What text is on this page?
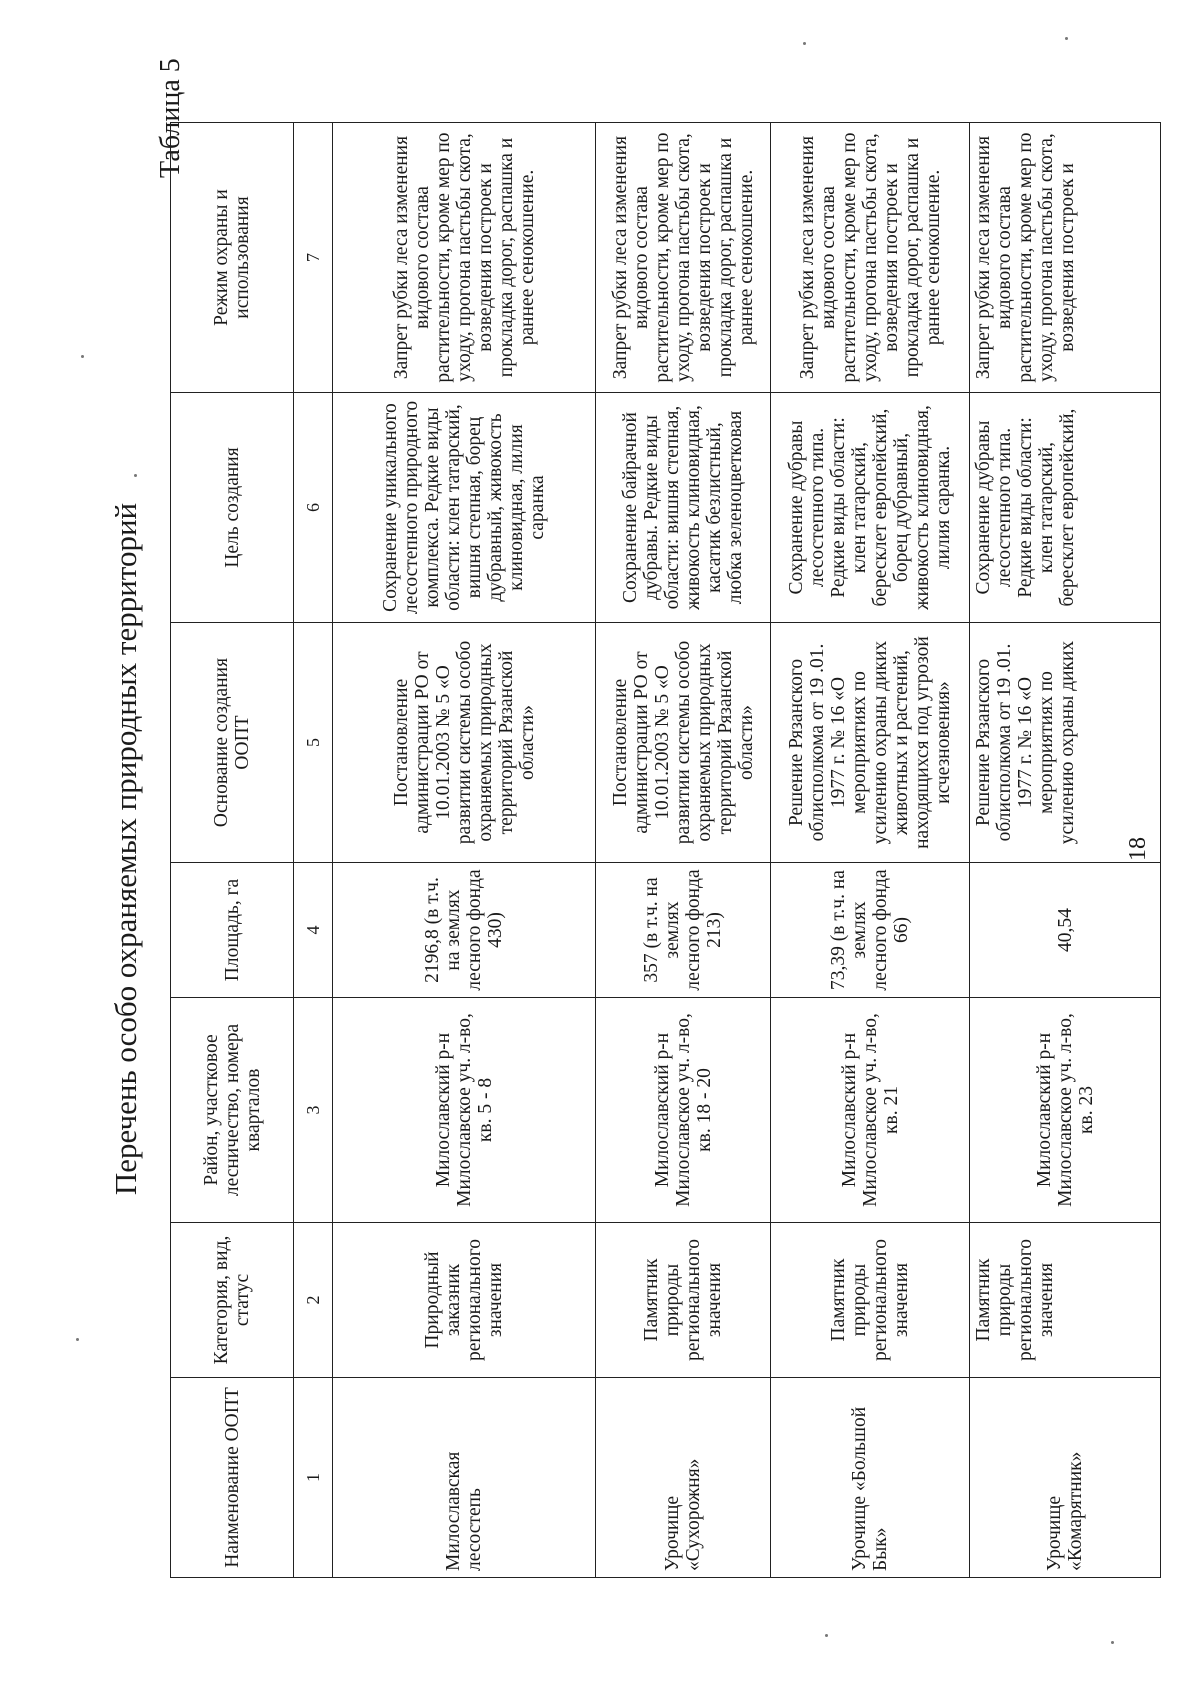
Таблица 5
Перечень особо охраняемых природных территорий
Наименование ООПТ	Категория, вид, статус	Район, участковое лесничество, номера кварталов	Площадь, га	Основание создания ООПТ	Цель создания	Режим охраны и использования
1	2	3	4	5	6	7
Милославская лесостепь	Природный заказник регионального значения	Милославский р-н Милославское уч. л-во, кв. 5 - 8	2196,8 (в т.ч. на землях лесного фонда 430)	Постановление администрации РО от 10.01.2003 № 5 «О развитии системы особо охраняемых природных территорий Рязанской области»	Сохранение уникального лесостепного природного комплекса. Редкие виды области: клен татарский, вишня степная, борец дубравный, живокость клиновидная, лилия саранка	Запрет рубки леса изменения видового состава растительности, кроме мер по уходу, прогона пастьбы скота, возведения построек и прокладка дорог, распашка и раннее сенокошение.
Урочище «Сухорожня»	Памятник природы регионального значения	Милославский р-н Милославское уч. л-во, кв. 18 - 20	357 (в т.ч. на землях лесного фонда 213)	Постановление администрации РО от 10.01.2003 № 5 «О развитии системы особо охраняемых природных территорий Рязанской области»	Сохранение байрачной дубравы. Редкие виды области: вишня степная, живокость клиновидная, касатик безлистный, любка зеленоцветковая	Запрет рубки леса изменения видового состава растительности, кроме мер по уходу, прогона пастьбы скота, возведения построек и прокладка дорог, распашка и раннее сенокошение.
Урочище «Большой Бык»	Памятник природы регионального значения	Милославский р-н Милославское уч. л-во, кв. 21	73,39 (в т.ч. на землях лесного фонда 66)	Решение Рязанского облисполкома от 19 .01. 1977 г. № 16 «О мероприятиях по усилению охраны диких животных и растений, находящихся под угрозой исчезновения»	Сохранение дубравы лесостепного типа. Редкие виды области: клен татарский, бересклет европейский, борец дубравный, живокость клиновидная, лилия саранка.	Запрет рубки леса изменения видового состава растительности, кроме мер по уходу, прогона пастьбы скота, возведения построек и прокладка дорог, распашка и раннее сенокошение.
Урочище «Комарятник»	Памятник природы регионального значения	Милославский р-н Милославское уч. л-во, кв. 23	40,54	Решение Рязанского облисполкома от 19 .01. 1977 г. № 16 «О мероприятиях по усилению охраны диких	Сохранение дубравы лесостепного типа. Редкие виды области: клен татарский, бересклет европейский,	Запрет рубки леса изменения видового состава растительности, кроме мер по уходу, прогона пастьбы скота, возведения построек и
18
